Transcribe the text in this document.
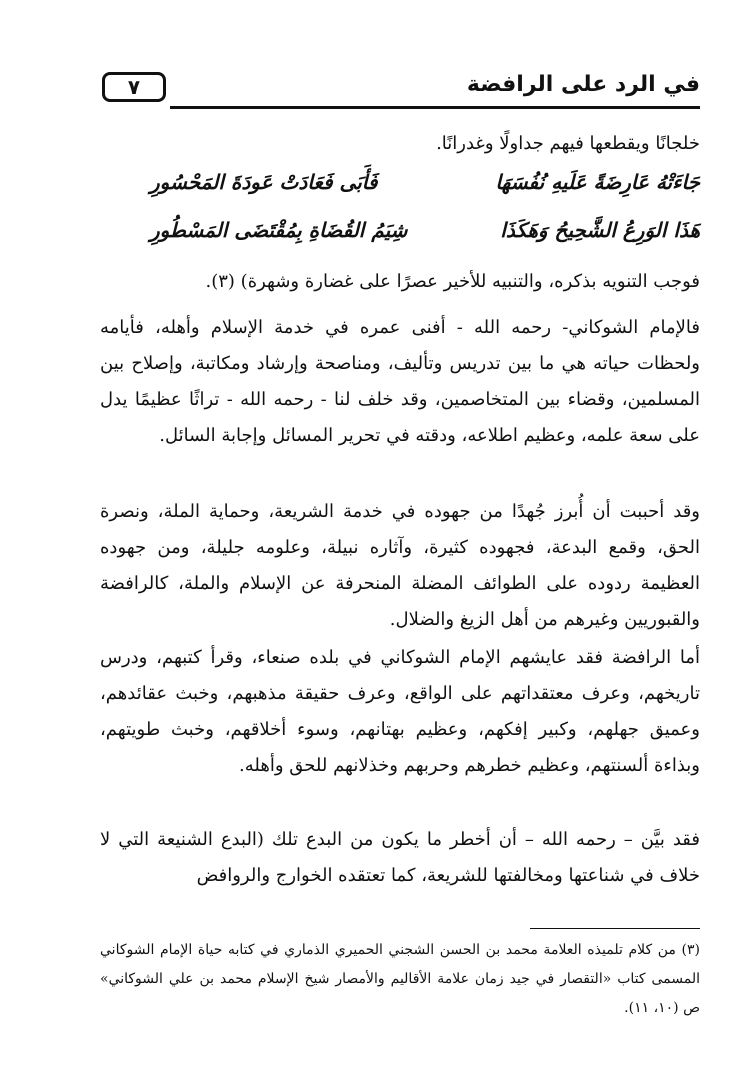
٧	في الرد على الرافضة
خلجانًا ويقطعها فيهم جداولًا وغدرانًا.
جَاءَتْهُ عَارِضَةً عَلَيهِ نُفُسَهَا
فَأَبَى فَعَادَتْ عَودَةَ المَحْسُورِ
هَذَا الوَرِعُ الشَّحِيحُ وَهَكَذَا
شِيَمُ القُضَاةِ بِمُقْتَضَى المَسْطُورِ
فوجب التنويه بذكره، والتنبيه للأخير عصرًا على غضارة وشهرة) (٣).
فالإمام الشوكاني- رحمه الله - أفنى عمره في خدمة الإسلام وأهله، فأيامه ولحظات حياته هي ما بين تدريس وتأليف، ومناصحة وإرشاد ومكاتبة، وإصلاح بين المسلمين، وقضاء بين المتخاصمين، وقد خلف لنا - رحمه الله - تراثًا عظيمًا يدل على سعة علمه، وعظيم اطلاعه، ودقته في تحرير المسائل وإجابة السائل.
وقد أحببت أن أُبرز جُهدًا من جهوده في خدمة الشريعة، وحماية الملة، ونصرة الحق، وقمع البدعة، فجهوده كثيرة، وآثاره نبيلة، وعلومه جليلة، ومن جهوده العظيمة ردوده على الطوائف المضلة المنحرفة عن الإسلام والملة، كالرافضة والقبوريين وغيرهم من أهل الزيغ والضلال.
أما الرافضة فقد عايشهم الإمام الشوكاني في بلده صنعاء، وقرأ كتبهم، ودرس تاريخهم، وعرف معتقداتهم على الواقع، وعرف حقيقة مذهبهم، وخبث عقائدهم، وعميق جهلهم، وكبير إفكهم، وعظيم بهتانهم، وسوء أخلاقهم، وخبث طويتهم، وبذاءة ألسنتهم، وعظيم خطرهم وحربهم وخذلانهم للحق وأهله.
فقد بيَّن – رحمه الله – أن أخطر ما يكون من البدع تلك (البدع الشنيعة التي لا خلاف في شناعتها ومخالفتها للشريعة، كما تعتقده الخوارج والروافض
(٣) من كلام تلميذه العلامة محمد بن الحسن الشجني الحميري الذماري في كتابه حياة الإمام الشوكاني المسمى كتاب «التقصار في جيد زمان علامة الأقاليم والأمصار شيخ الإسلام محمد بن علي الشوكاني» ص (١٠، ١١).
